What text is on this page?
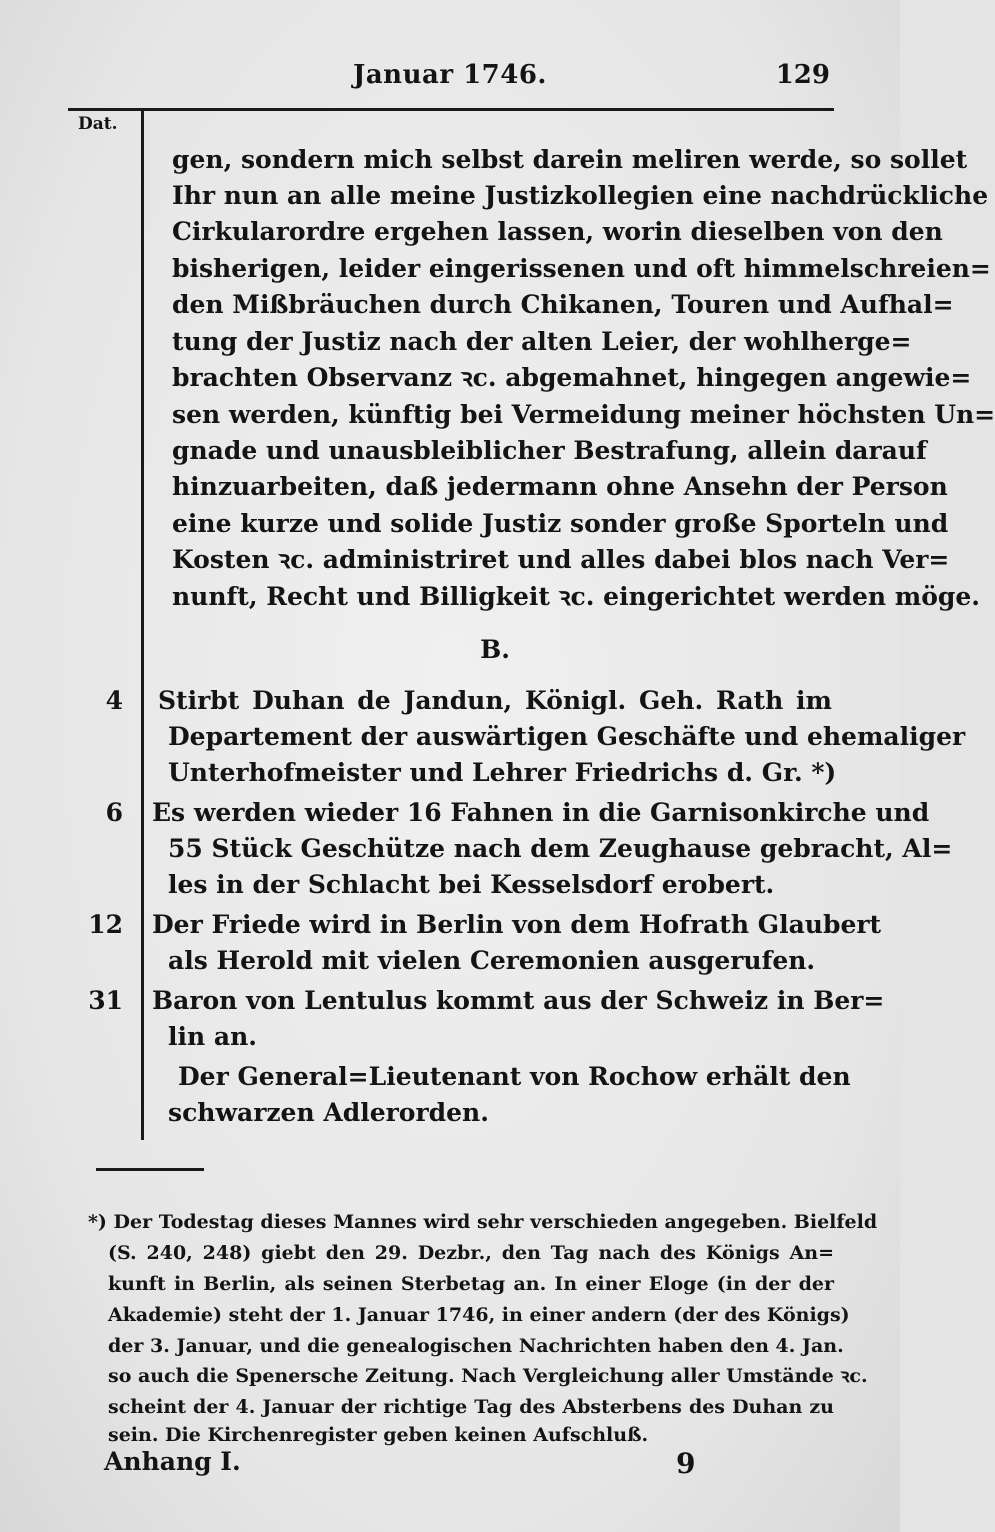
Januar 1746.	129
Dat.
gen, sondern mich selbst darein meliren werde, so sollet
Ihr nun an alle meine Justizkollegien eine nachdrückliche
Cirkularordre ergehen lassen, worin dieselben von den
bisherigen, leider eingerissenen und oft himmelschreien=
den Mißbräuchen durch Chikanen, Touren und Aufhal=
tung der Justiz nach der alten Leier, der wohlherge=
brachten Observanz ꝛc. abgemahnet, hingegen angewie=
sen werden, künftig bei Vermeidung meiner höchsten Un=
gnade und unausbleiblicher Bestrafung, allein darauf
hinzuarbeiten, daß jedermann ohne Ansehn der Person
eine kurze und solide Justiz sonder große Sporteln und
Kosten ꝛc. administriret und alles dabei blos nach Ver=
nunft, Recht und Billigkeit ꝛc. eingerichtet werden möge.
B.
4 Stirbt Duhan de Jandun, Königl. Geh. Rath im
Departement der auswärtigen Geschäfte und ehemaliger
Unterhofmeister und Lehrer Friedrichs d. Gr. *)
6 Es werden wieder 16 Fahnen in die Garnisonkirche und
55 Stück Geschütze nach dem Zeughause gebracht, Al=
les in der Schlacht bei Kesselsdorf erobert.
12 Der Friede wird in Berlin von dem Hofrath Glaubert
als Herold mit vielen Ceremonien ausgerufen.
31 Baron von Lentulus kommt aus der Schweiz in Ber=
lin an.
Der General=Lieutenant von Rochow erhält den
schwarzen Adlerorden.
*) Der Todestag dieses Mannes wird sehr verschieden angegeben. Bielfeld
(S. 240, 248) giebt den 29. Dezbr., den Tag nach des Königs An=
kunft in Berlin, als seinen Sterbetag an. In einer Eloge (in der der
Akademie) steht der 1. Januar 1746, in einer andern (der des Königs)
der 3. Januar, und die genealogischen Nachrichten haben den 4. Jan.
so auch die Spenersche Zeitung. Nach Vergleichung aller Umstände ꝛc.
scheint der 4. Januar der richtige Tag des Absterbens des Duhan zu
sein. Die Kirchenregister geben keinen Aufschluß.
Anhang I.	9
